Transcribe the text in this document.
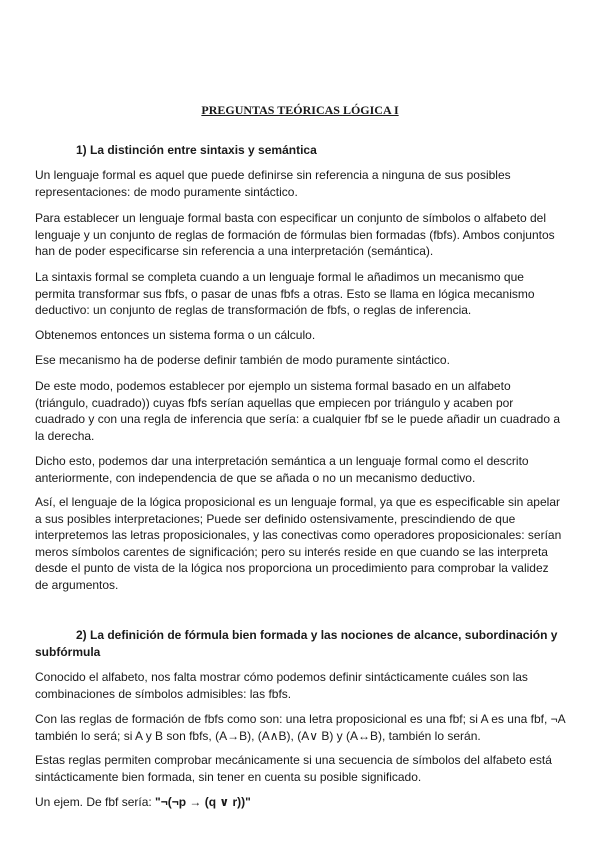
PREGUNTAS TEÓRICAS LÓGICA I
1) La distinción entre sintaxis y semántica

Un lenguaje formal es aquel que puede definirse sin referencia a ninguna de sus posibles representaciones: de modo puramente sintáctico.

Para establecer un lenguaje formal basta con especificar un conjunto de símbolos o alfabeto del lenguaje y un conjunto de reglas de formación de fórmulas bien formadas (fbfs). Ambos conjuntos han de poder especificarse sin referencia a una interpretación (semántica).

La sintaxis formal se completa cuando a un lenguaje formal le añadimos un mecanismo que permita transformar sus fbfs, o pasar de unas fbfs a otras. Esto se llama en lógica mecanismo deductivo: un conjunto de reglas de transformación de fbfs, o reglas de inferencia.

Obtenemos entonces un sistema forma o un cálculo.

Ese mecanismo ha de poderse definir también de modo puramente sintáctico.

De este modo, podemos establecer por ejemplo un sistema formal basado en un alfabeto (triángulo, cuadrado)) cuyas fbfs serían aquellas que empiecen por triángulo y acaben por cuadrado y con una regla de inferencia que sería: a cualquier fbf se le puede añadir un cuadrado a la derecha.

Dicho esto, podemos dar una interpretación semántica a un lenguaje formal como el descrito anteriormente, con independencia de que se añada o no un mecanismo deductivo.

Así, el lenguaje de la lógica proposicional es un lenguaje formal, ya que es especificable sin apelar a sus posibles interpretaciones; Puede ser definido ostensivamente, prescindiendo de que interpretemos las letras proposicionales, y las conectivas como operadores proposicionales: serían meros símbolos carentes de significación; pero su interés reside en que cuando se las interpreta desde el punto de vista de la lógica nos proporciona un procedimiento para comprobar la validez de argumentos.

2) La definición de fórmula bien formada y las nociones de alcance, subordinación y
subfórmula

Conocido el alfabeto, nos falta mostrar cómo podemos definir sintácticamente cuáles son las combinaciones de símbolos admisibles: las fbfs.

Con las reglas de formación de fbfs como son: una letra proposicional es una fbf; si A es una fbf, ¬A también lo será; si A y B son fbfs, (A→B), (A∧B), (A∨ B) y (A↔B), también lo serán.

Estas reglas permiten comprobar mecánicamente si una secuencia de símbolos del alfabeto está sintácticamente bien formada, sin tener en cuenta su posible significado.

Un ejem. De fbf sería: "¬(¬p → (q ∨ r))"
